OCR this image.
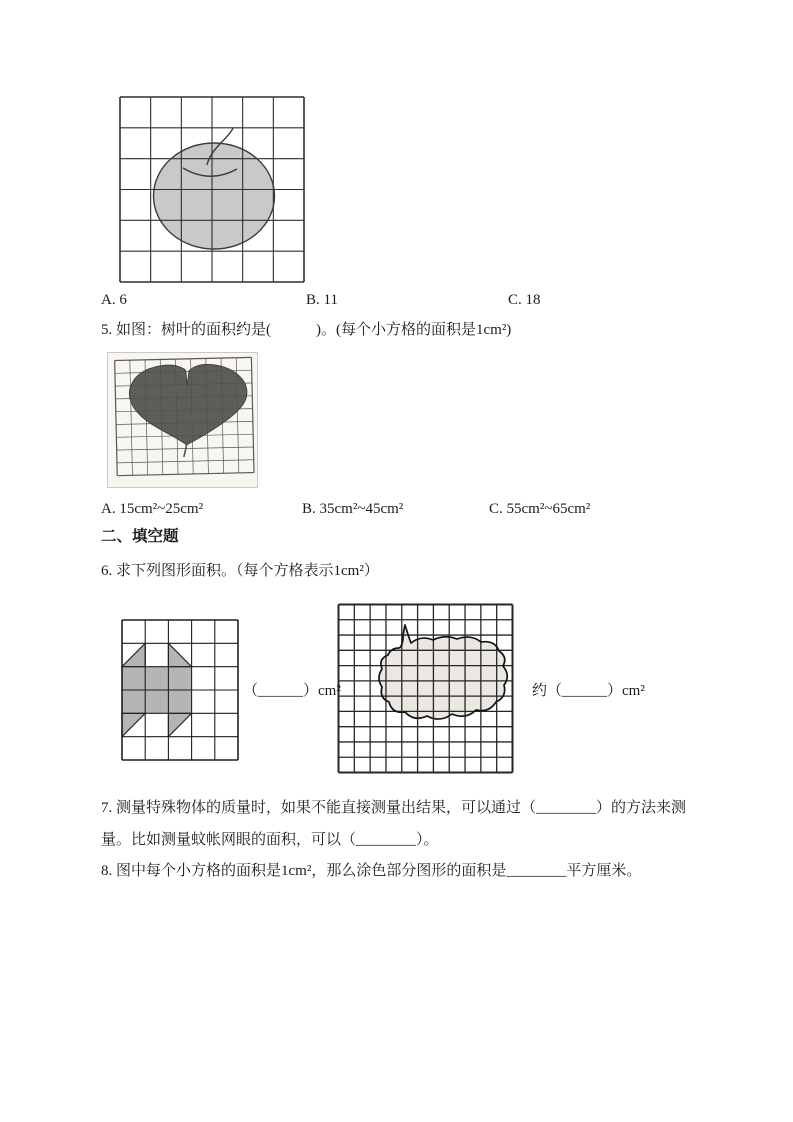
A. 6	B. 11	C. 18
5. 如图：树叶的面积约是(　　　)。(每个小方格的面积是1cm²)
A. 15cm²~25cm²	B. 35cm²~45cm²	C. 55cm²~65cm²
二、填空题
6. 求下列图形面积。（每个方格表示1cm²）
（______）cm²	约（______）cm²
7. 测量特殊物体的质量时，如果不能直接测量出结果，可以通过（________）的方法来测
量。比如测量蚊帐网眼的面积，可以（________）。
8. 图中每个小方格的面积是1cm²，那么涂色部分图形的面积是________平方厘米。
